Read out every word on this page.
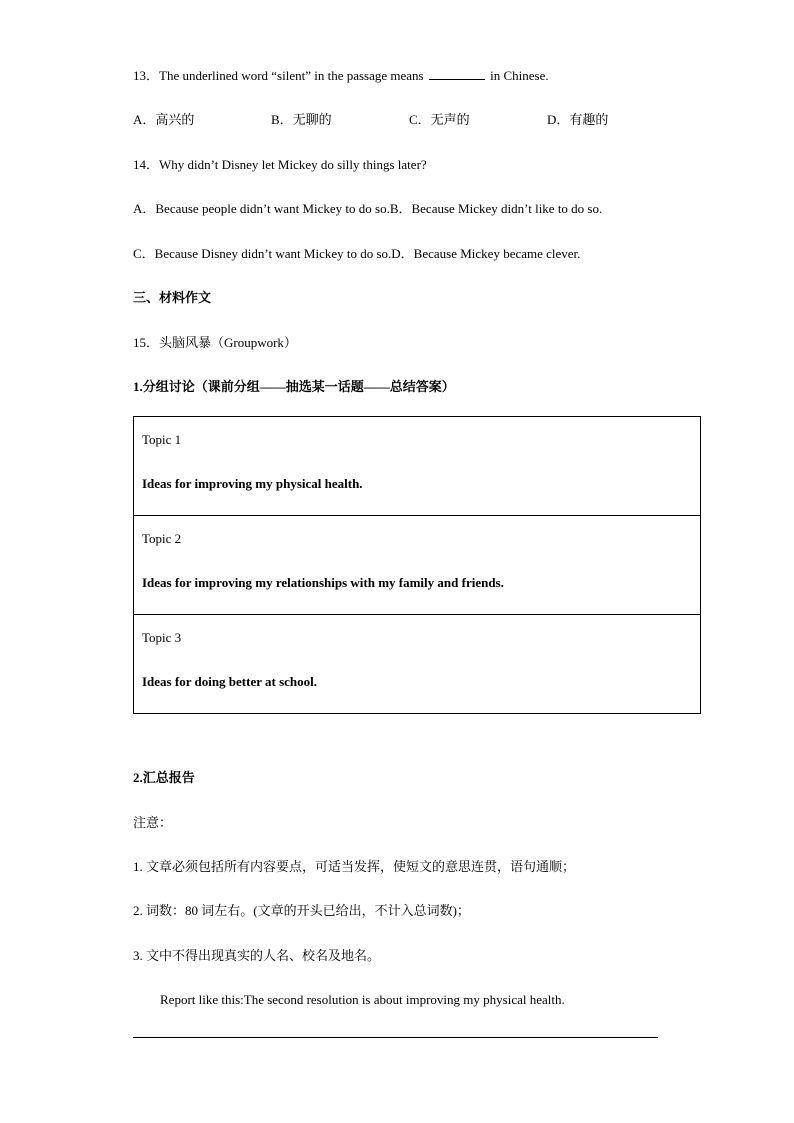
13．The underlined word “silent” in the passage means	in Chinese.
A．高兴的	B．无聊的	C．无声的	D．有趣的
14．Why didn’t Disney let Mickey do silly things later?
A．Because people didn’t want Mickey to do so.B．Because Mickey didn’t like to do so.
C．Because Disney didn’t want Mickey to do so.D．Because Mickey became clever.
三、材料作文
15．头脑风暴（Groupwork）
1.分组讨论（课前分组——抽选某一话题——总结答案）
Topic 1
Ideas for improving my physical health.

Topic 2
Ideas for improving my relationships with my family and friends.

Topic 3
Ideas for doing better at school.
2.汇总报告
注意：
1. 文章必须包括所有内容要点，可适当发挥，使短文的意思连贯，语句通顺；
2. 词数：80 词左右。(文章的开头已给出，不计入总词数)；
3. 文中不得出现真实的人名、校名及地名。
Report like this:The second resolution is about improving my physical health.
